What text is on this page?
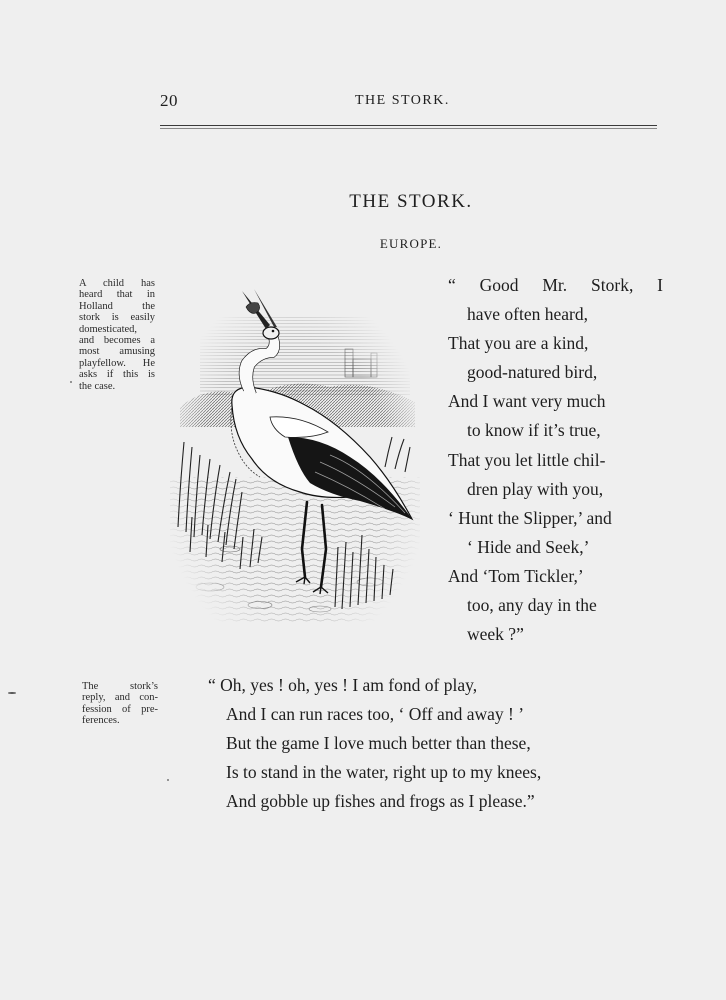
20	THE STORK.
THE STORK.
EUROPE.
A child has
heard that in
Holland the
stork is easily
domesticated,
and becomes a
most amusing
playfellow. He
asks if this is
the case.
“ Good Mr. Stork, I
have often heard,
That you are a kind,
good-natured bird,
And I want very much
to know if it’s true,
That you let little chil-
dren play with you,
‘ Hunt the Slipper,’ and
‘ Hide and Seek,’
And ‘Tom Tickler,’
too, any day in the
week ?”
The stork’s
reply, and con-
fession of pre-
ferences.
“ Oh, yes ! oh, yes ! I am fond of play,
And I can run races too, ‘ Off and away ! ’
But the game I love much better than these,
Is to stand in the water, right up to my knees,
And gobble up fishes and frogs as I please.”
